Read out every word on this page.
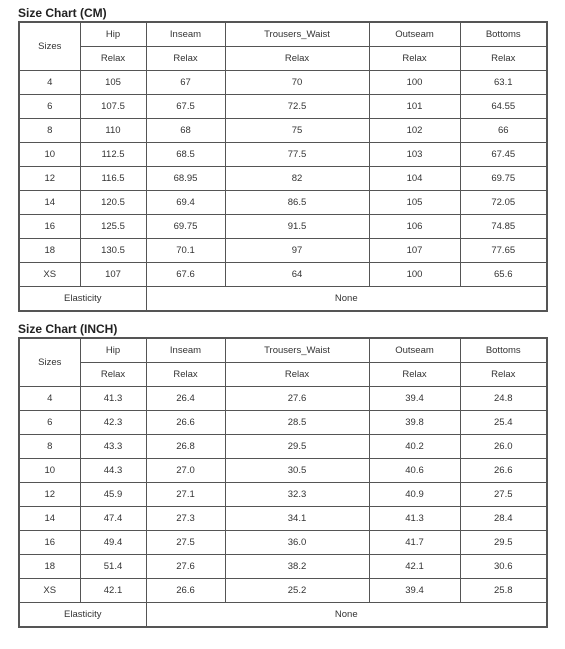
Size Chart (CM)
Sizes	Hip	Inseam	Trousers_Waist	Outseam	Bottoms
	Relax	Relax	Relax	Relax	Relax
4	105	67	70	100	63.1
6	107.5	67.5	72.5	101	64.55
8	110	68	75	102	66
10	112.5	68.5	77.5	103	67.45
12	116.5	68.95	82	104	69.75
14	120.5	69.4	86.5	105	72.05
16	125.5	69.75	91.5	106	74.85
18	130.5	70.1	97	107	77.65
XS	107	67.6	64	100	65.6
Elasticity		None			
Size Chart (INCH)
Sizes	Hip	Inseam	Trousers_Waist	Outseam	Bottoms
	Relax	Relax	Relax	Relax	Relax
4	41.3	26.4	27.6	39.4	24.8
6	42.3	26.6	28.5	39.8	25.4
8	43.3	26.8	29.5	40.2	26.0
10	44.3	27.0	30.5	40.6	26.6
12	45.9	27.1	32.3	40.9	27.5
14	47.4	27.3	34.1	41.3	28.4
16	49.4	27.5	36.0	41.7	29.5
18	51.4	27.6	38.2	42.1	30.6
XS	42.1	26.6	25.2	39.4	25.8
Elasticity		None			
